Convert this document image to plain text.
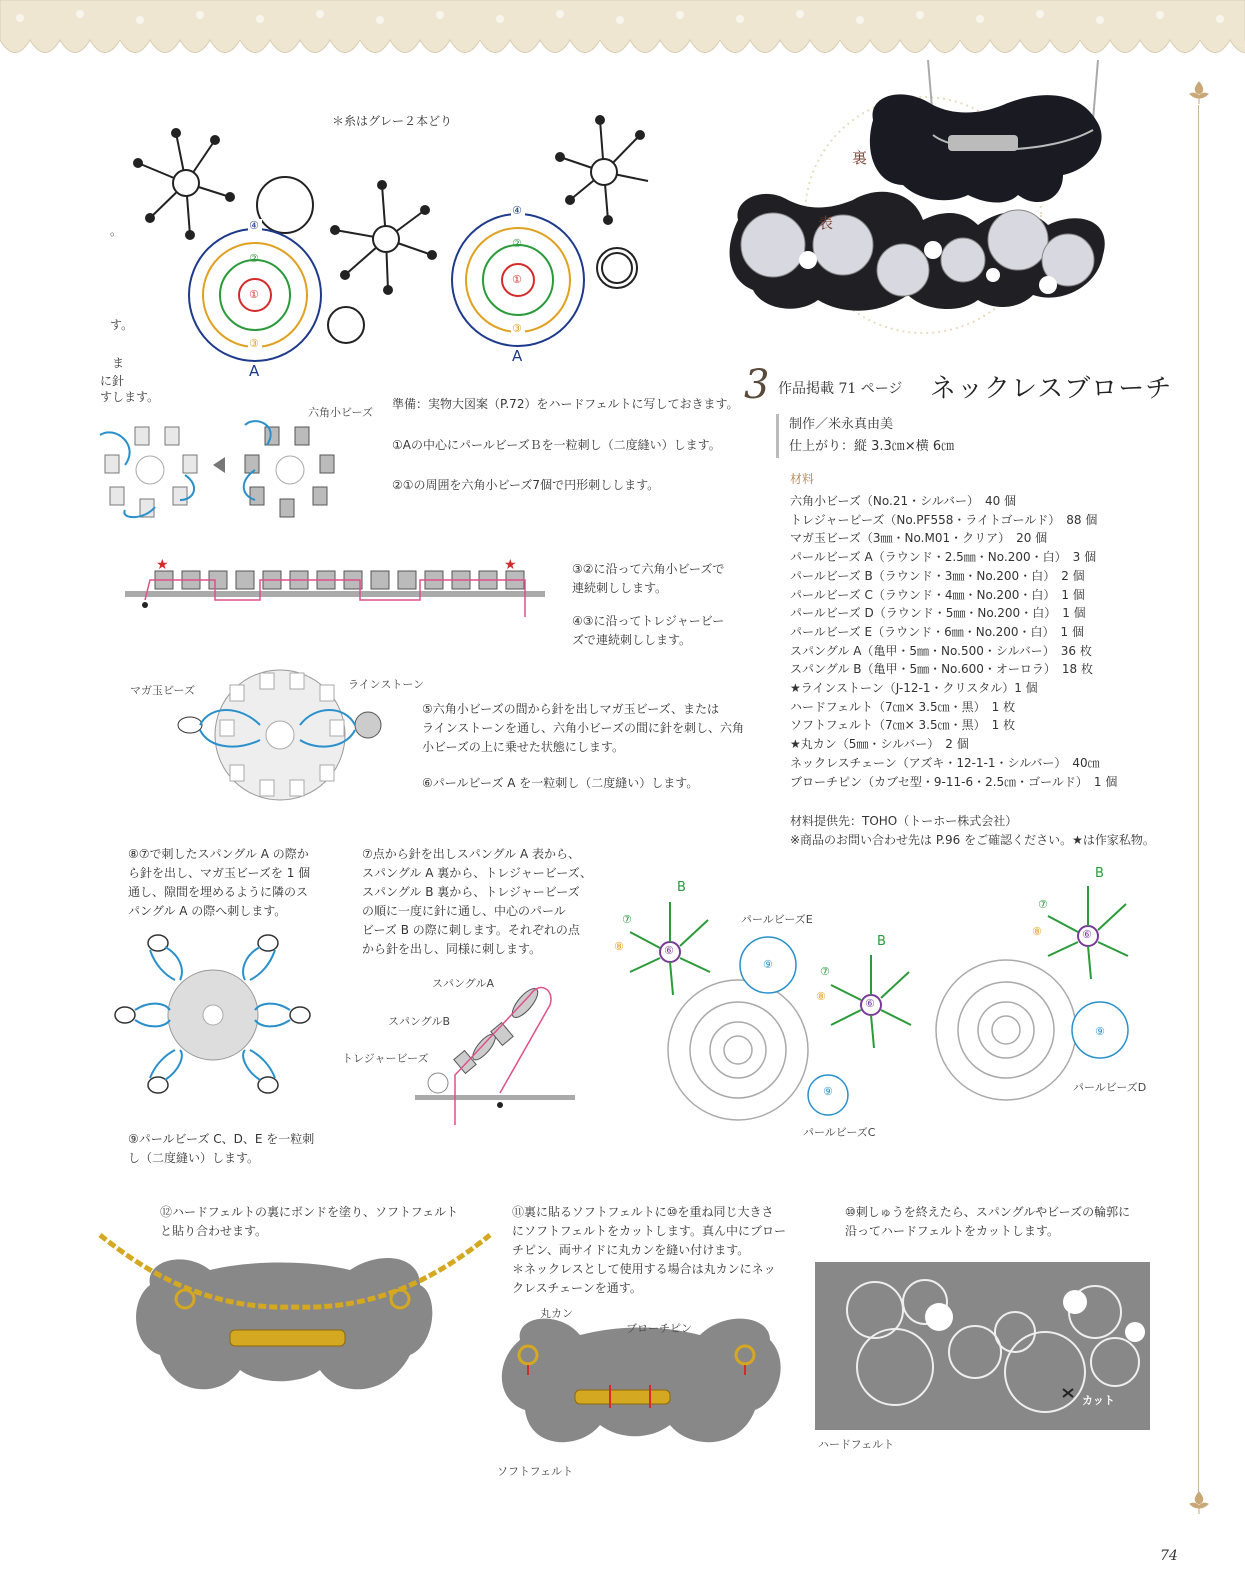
＊糸はグレー２本どり
。
す。
ま
に針
すします。
④
②
①
③
A
④
②
①
③
A
裏
表
3 作品掲載 71 ページ ネックレスブローチ
制作／米永真由美
仕上がり：縦 3.3㎝×横 6㎝
材料
六角小ビーズ（No.21・シルバー）　40 個
トレジャービーズ（No.PF558・ライトゴールド）　88 個
マガ玉ビーズ（3㎜・No.M01・クリア）　20 個
パールビーズ A（ラウンド・2.5㎜・No.200・白）　3 個
パールビーズ B（ラウンド・3㎜・No.200・白）　2 個
パールビーズ C（ラウンド・4㎜・No.200・白）　1 個
パールビーズ D（ラウンド・5㎜・No.200・白）　1 個
パールビーズ E（ラウンド・6㎜・No.200・白）　1 個
スパングル A（亀甲・5㎜・No.500・シルバー）　36 枚
スパングル B（亀甲・5㎜・No.600・オーロラ）　18 枚
★ラインストーン（J-12-1・クリスタル）1 個
ハードフェルト（7㎝× 3.5㎝・黒）　1 枚
ソフトフェルト（7㎝× 3.5㎝・黒）　1 枚
★丸カン（5㎜・シルバー）　2 個
ネックレスチェーン（アズキ・12-1-1・シルバー）　40㎝
ブローチピン（カブセ型・9-11-6・2.5㎝・ゴールド）　1 個
材料提供先：TOHO（トーホー株式会社）
※商品のお問い合わせ先は P.96 をご確認ください。★は作家私物。
準備：実物大図案（P.72）をハードフェルトに写しておきます。
①Aの中心にパールビーズＢを一粒刺し（二度縫い）します。
②①の周囲を六角小ビーズ7個で円形刺しします。
六角小ビーズ
★	★	③②に沿って六角小ビーズで
連続刺しします。
④③に沿ってトレジャービー
ズで連続刺しします。
マガ玉ビーズ	ラインストーン
⑤六角小ビーズの間から針を出しマガ玉ビーズ、または
ラインストーンを通し、六角小ビーズの間に針を刺し、六角
小ビーズの上に乗せた状態にします。
⑥パールビーズ A を一粒刺し（二度縫い）します。
⑧⑦で刺したスパングル A の際か
ら針を出し、マガ玉ビーズを 1 個
通し、隙間を埋めるように隣のス
パングル A の際へ刺します。
⑦点から針を出しスパングル A 表から、
スパングル A 裏から、トレジャービーズ、
スパングル B 裏から、トレジャービーズ
の順に一度に針に通し、中心のパール
ビーズ B の際に刺します。それぞれの点
から針を出し、同様に刺します。
スパングルA
スパングルB
トレジャービーズ
B
B
B
⑥
⑥
⑥
⑦
⑦
⑦
⑧
⑧
⑧
⑨
⑨
⑨
パールビーズE
パールビーズD
パールビーズC
⑨パールビーズ C、D、E を一粒刺
し（二度縫い）します。
⑫ハードフェルトの裏にボンドを塗り、ソフトフェルト
と貼り合わせます。
⑪裏に貼るソフトフェルトに⑩を重ね同じ大きさ
にソフトフェルトをカットします。真ん中にブロー
チピン、両サイドに丸カンを縫い付けます。
＊ネックレスとして使用する場合は丸カンにネッ
クレスチェーンを通す。
⑩刺しゅうを終えたら、スパングルやビーズの輪郭に
沿ってハードフェルトをカットします。
丸カン
ブローチピン
ソフトフェルト
カット
ハードフェルト
74
